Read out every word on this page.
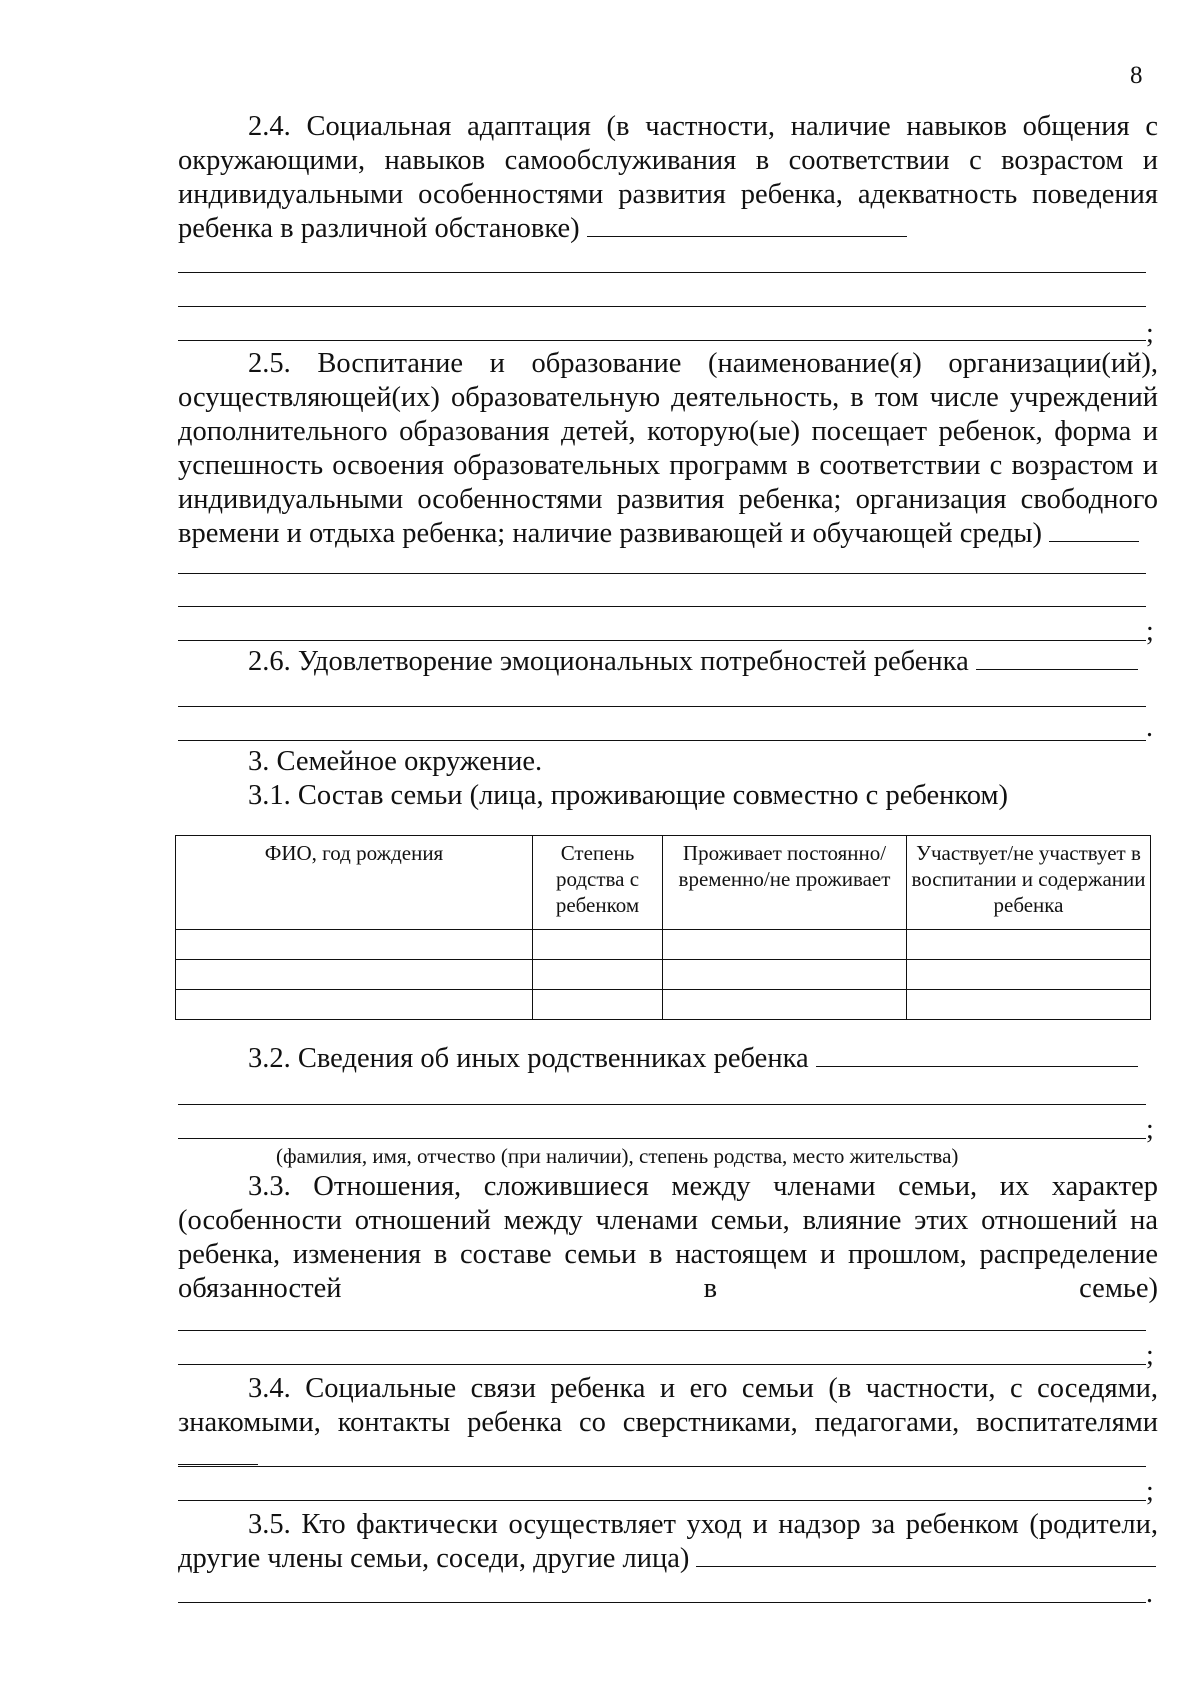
8

2.4. Социальная адаптация (в частности, наличие навыков общения с окружающими, навыков самообслуживания в соответствии с возрастом и индивидуальными особенностями развития ребенка, адекватность поведения ребенка в различной обстановке)

;

2.5. Воспитание и образование (наименование(я) организации(ий), осуществляющей(их) образовательную деятельность, в том числе учреждений дополнительного образования детей, которую(ые) посещает ребенок, форма и успешность освоения образовательных программ в соответствии с возрастом и индивидуальными особенностями развития ребенка; организация свободного времени и отдыха ребенка; наличие развивающей и обучающей среды)

;

2.6. Удовлетворение эмоциональных потребностей ребенка

.
3. Семейное окружение.
3.1. Состав семьи (лица, проживающие совместно с ребенком)
ФИО, год рождения	Степень родства с ребенком	Проживает постоянно/временно/не проживает	Участвует/не участвует в воспитании и содержании ребенка

3.2. Сведения об иных родственниках ребенка

;
(фамилия, имя, отчество (при наличии), степень родства, место жительства)

3.3. Отношения, сложившиеся между членами семьи, их характер (особенности отношений между членами семьи, влияние этих отношений на ребенка, изменения в составе семьи в настоящем и прошлом, распределение обязанностей в семье)

;

3.4. Социальные связи ребенка и его семьи (в частности, с соседями, знакомыми, контакты ребенка со сверстниками, педагогами, воспитателями

;

3.5. Кто фактически осуществляет уход и надзор за ребенком (родители, другие члены семьи, соседи, другие лица)

.
